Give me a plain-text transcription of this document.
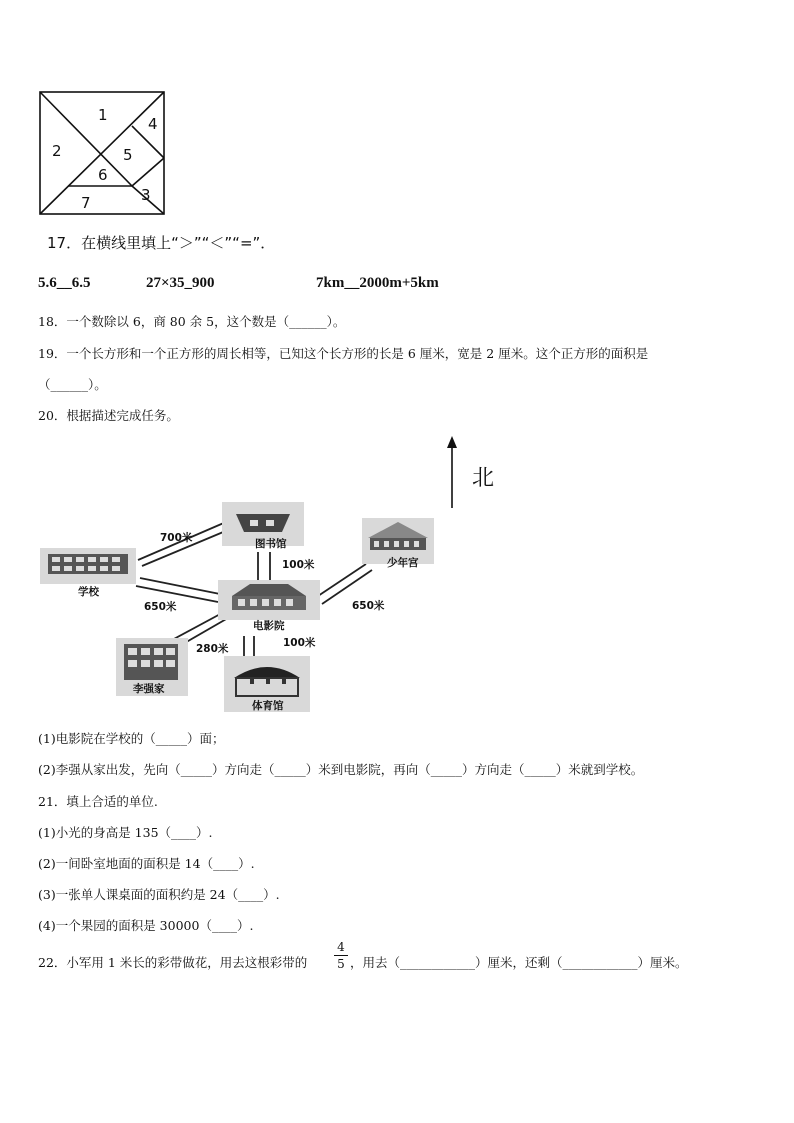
1
2
3
4
5
6
7
17．在横线里填上“＞”“＜”“=”．
5.6__6.5	27×35_900	7km__2000m+5km
18．一个数除以 6，商 80 余 5，这个数是（______）。
19．一个长方形和一个正方形的周长相等，已知这个长方形的长是 6 厘米，宽是 2 厘米。这个正方形的面积是
（______）。
20．根据描述完成任务。
北
图书馆
学校
少年宫
电影院
李强家
体育馆
700米
100米
650米	650米
280米	100米
(1)电影院在学校的（_____）面；
(2)李强从家出发，先向（_____）方向走（_____）米到电影院，再向（_____）方向走（_____）米就到学校。
21．填上合适的单位.
(1)小光的身高是 135（____）.
(2)一间卧室地面的面积是 14（____）.
(3)一张单人课桌面的面积约是 24（____）.
(4)一个果园的面积是 30000（____）.
22．小军用 1 米长的彩带做花，用去这根彩带的
4
5 ，用去（____________）厘米，还剩（____________）厘米。
